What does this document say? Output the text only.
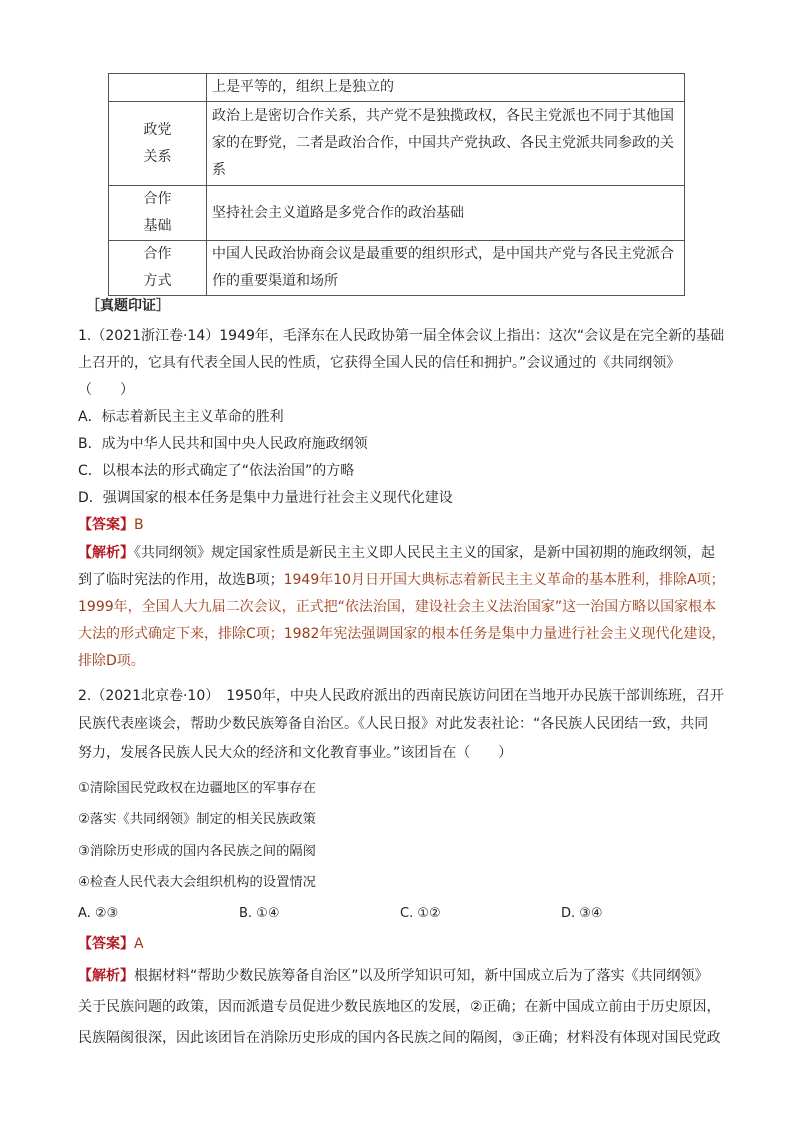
	上是平等的，组织上是独立的
政党
关系	政治上是密切合作关系，共产党不是独揽政权，各民主党派也不同于其他国
家的在野党，二者是政治合作，中国共产党执政、各民主党派共同参政的关
系
合作
基础	坚持社会主义道路是多党合作的政治基础
合作
方式	中国人民政治协商会议是最重要的组织形式，是中国共产党与各民主党派合
作的重要渠道和场所
［真题印证］
1.（2021浙江卷·14）1949年，毛泽东在人民政协第一届全体会议上指出：这次“会议是在完全新的基础
上召开的，它具有代表全国人民的性质，它获得全国人民的信任和拥护。”会议通过的《共同纲领》
（　　）
A．标志着新民主主义革命的胜利
B．成为中华人民共和国中央人民政府施政纲领
C．以根本法的形式确定了“依法治国”的方略
D．强调国家的根本任务是集中力量进行社会主义现代化建设
【答案】B
【解析】《共同纲领》规定国家性质是新民主主义即人民民主主义的国家，是新中国初期的施政纲领，起
到了临时宪法的作用，故选B项；1949年10月日开国大典标志着新民主主义革命的基本胜利，排除A项；
1999年，全国人大九届二次会议，正式把“依法治国，建设社会主义法治国家”这一治国方略以国家根本
大法的形式确定下来，排除C项；1982年宪法强调国家的根本任务是集中力量进行社会主义现代化建设，
排除D项。
2.（2021北京卷·10）　1950年，中央人民政府派出的西南民族访问团在当地开办民族干部训练班，召开
民族代表座谈会，帮助少数民族筹备自治区。《人民日报》对此发表社论：“各民族人民团结一致，共同
努力，发展各民族人民大众的经济和文化教育事业。”该团旨在（　　）
①清除国民党政权在边疆地区的军事存在
②落实《共同纲领》制定的相关民族政策
③消除历史形成的国内各民族之间的隔阂
④检查人民代表大会组织机构的设置情况
A. ②③	B. ①④	C. ①②	D. ③④
【答案】A
【解析】根据材料“帮助少数民族筹备自治区”以及所学知识可知，新中国成立后为了落实《共同纲领》
关于民族问题的政策，因而派遣专员促进少数民族地区的发展，②正确；在新中国成立前由于历史原因，
民族隔阂很深，因此该团旨在消除历史形成的国内各民族之间的隔阂，③正确；材料没有体现对国民党政
